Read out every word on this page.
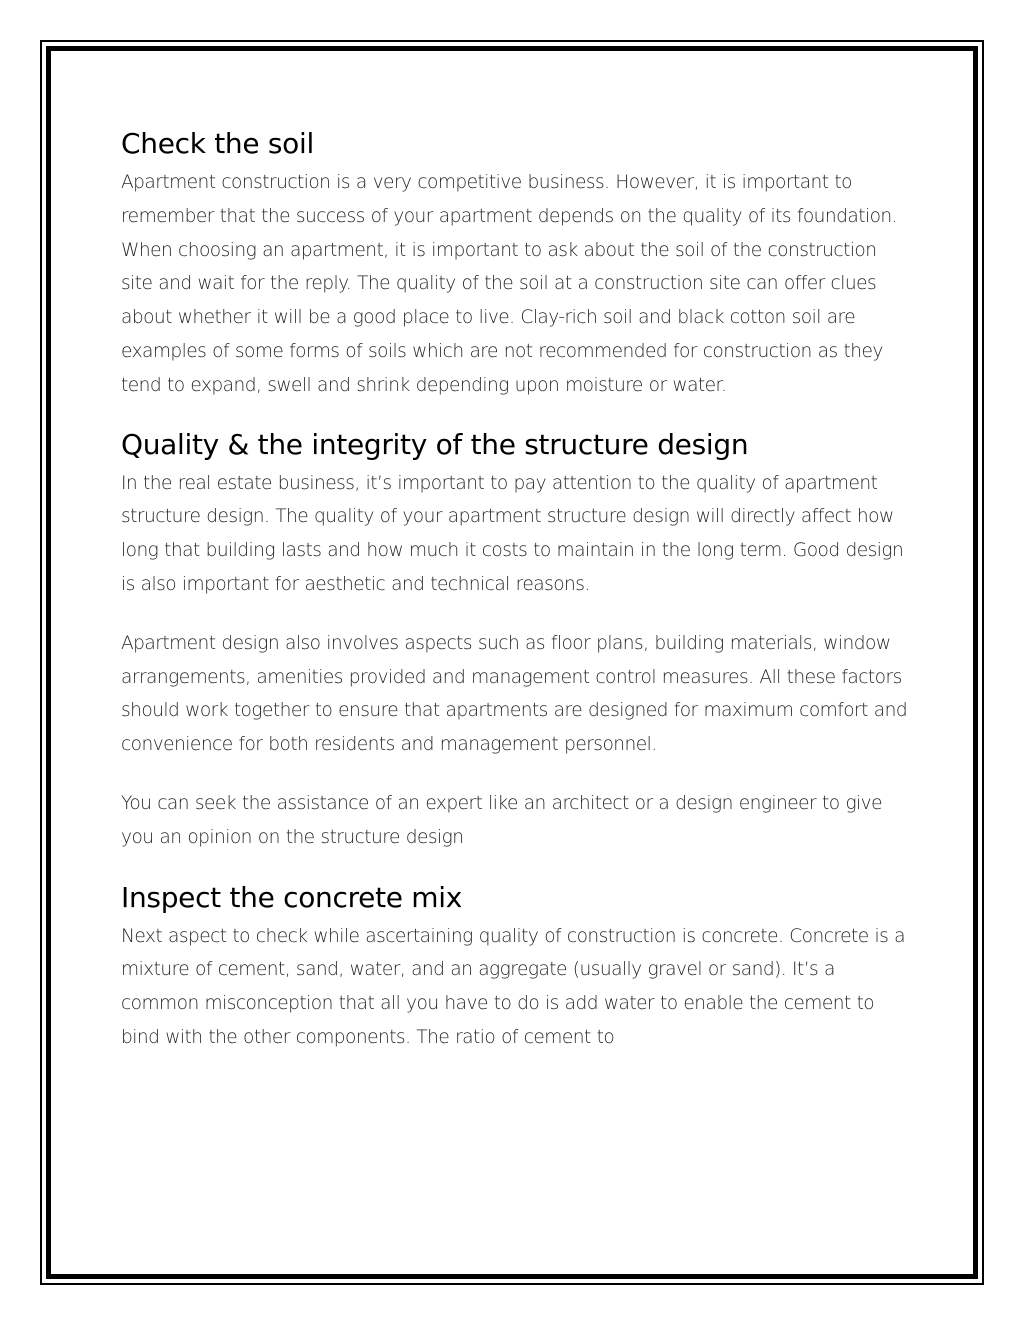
Check the soil

Apartment construction is a very competitive business. However, it is important to remember that the success of your apartment depends on the quality of its foundation. When choosing an apartment, it is important to ask about the soil of the construction site and wait for the reply. The quality of the soil at a construction site can offer clues about whether it will be a good place to live. Clay-rich soil and black cotton soil are examples of some forms of soils which are not recommended for construction as they tend to expand, swell and shrink depending upon moisture or water.

Quality & the integrity of the structure design

In the real estate business, it’s important to pay attention to the quality of apartment structure design. The quality of your apartment structure design will directly affect how long that building lasts and how much it costs to maintain in the long term. Good design is also important for aesthetic and technical reasons.

Apartment design also involves aspects such as floor plans, building materials, window arrangements, amenities provided and management control measures. All these factors should work together to ensure that apartments are designed for maximum comfort and convenience for both residents and management personnel.

You can seek the assistance of an expert like an architect or a design engineer to give you an opinion on the structure design

Inspect the concrete mix

Next aspect to check while ascertaining quality of construction is concrete. Concrete is a mixture of cement, sand, water, and an aggregate (usually gravel or sand). It’s a common misconception that all you have to do is add water to enable the cement to bind with the other components. The ratio of cement to
